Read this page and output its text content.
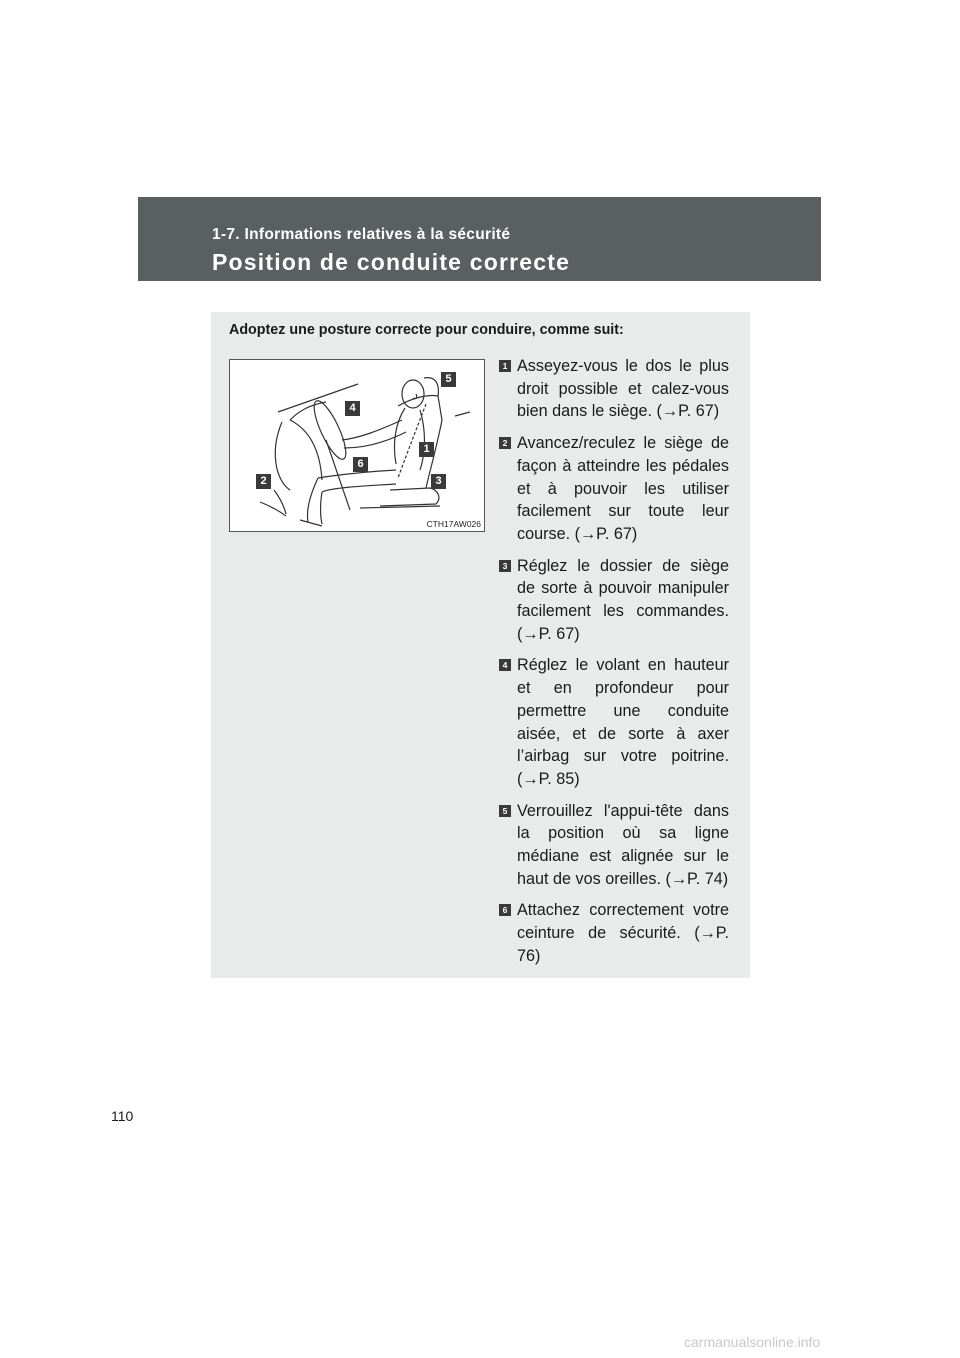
1-7. Informations relatives à la sécurité
Position de conduite correcte
Adoptez une posture correcte pour conduire, comme suit:
5
4
1
6
3
2
CTH17AW026
1 Asseyez-vous le dos le plus droit possible et calez-vous bien dans le siège. (→P. 67)
2 Avancez/reculez le siège de façon à atteindre les pédales et à pouvoir les utiliser facilement sur toute leur course. (→P. 67)
3 Réglez le dossier de siège de sorte à pouvoir manipuler facilement les commandes. (→P. 67)
4 Réglez le volant en hauteur et en profondeur pour permettre une conduite aisée, et de sorte à axer l’airbag sur votre poitrine. (→P. 85)
5 Verrouillez l'appui-tête dans la position où sa ligne médiane est alignée sur le haut de vos oreilles. (→P. 74)
6 Attachez correctement votre ceinture de sécurité. (→P. 76)
110
carmanualsonline.info
